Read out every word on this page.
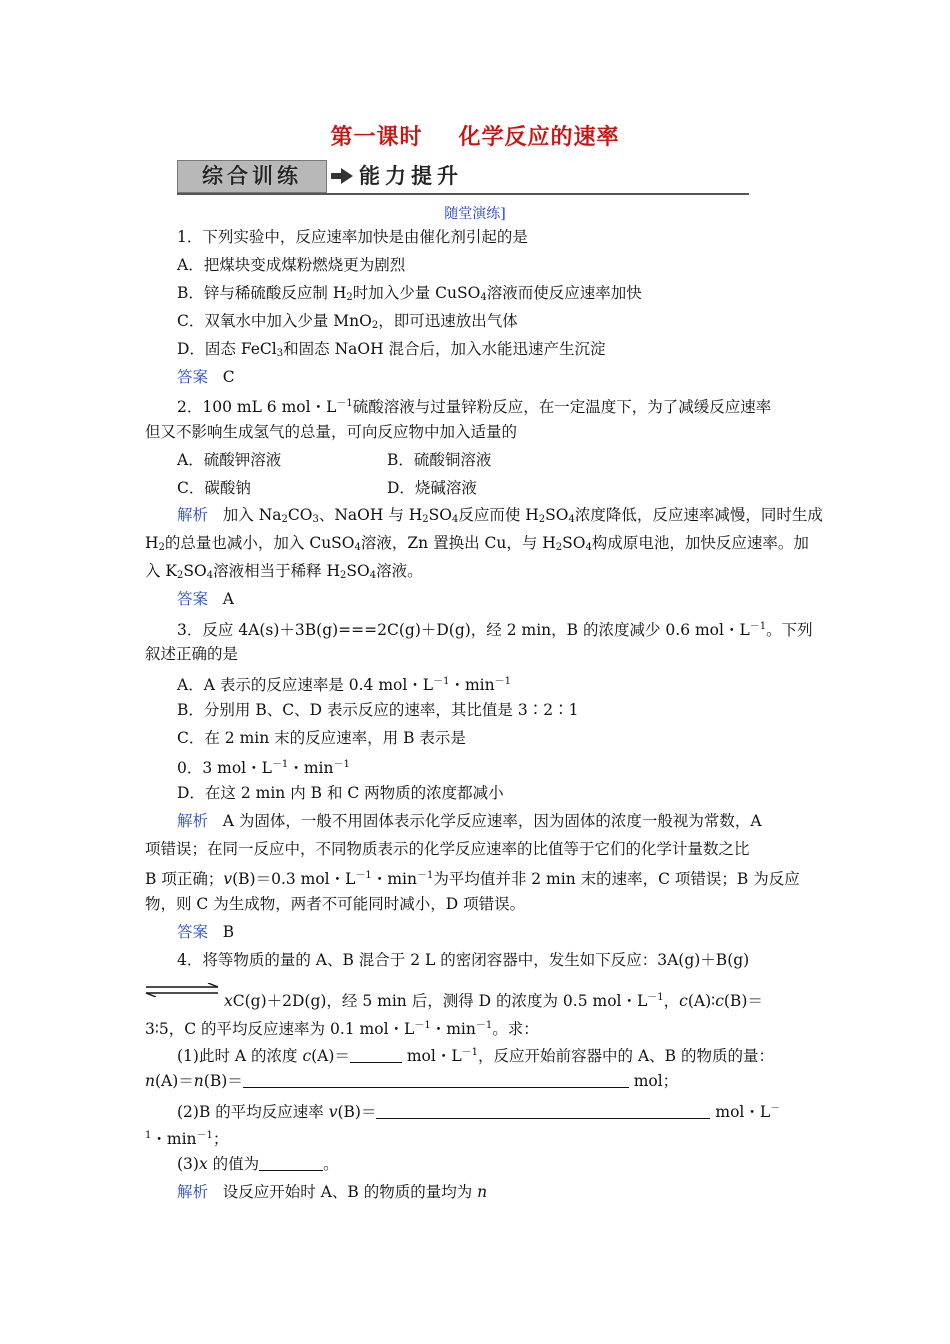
第一课时 化学反应的速率
综合训练	能力提升
随堂演练]
1．下列实验中，反应速率加快是由催化剂引起的是
A．把煤块变成煤粉燃烧更为剧烈
B．锌与稀硫酸反应制 $H_2$时加入少量 CuSO$_4$溶液而使反应速率加快
C．双氧水中加入少量 MnO$_2$，即可迅速放出气体
D．固态 FeCl$_3$和固态 NaOH 混合后，加入水能迅速产生沉淀
答案 C
2．100 mL 6 mol・$L^{-1}$硫酸溶液与过量锌粉反应，在一定温度下，为了减缓反应速率
但又不影响生成氢气的总量，可向反应物中加入适量的
A．硫酸钾溶液	B．硫酸铜溶液
C．碳酸钠	D．烧碱溶液
解析 加入 $Na_2CO_3$、NaOH 与 $H_2SO_4$反应而使 $H_2SO_4$浓度降低，反应速率减慢，同时生成
$H_2$的总量也减小，加入 CuSO$_4$溶液，Zn 置换出 Cu，与 $H_2SO_4$构成原电池，加快反应速率。加
入 $K_2SO_4$溶液相当于稀释 $H_2SO_4$溶液。
答案 A
3．反应 4A(s)＋3B(g)===2C(g)＋D(g)，经 2 min，B 的浓度减少 0.6 mol・$L^{-1}$。下列
叙述正确的是
A．A 表示的反应速率是 0.4 mol・$L^{-1}$・$\min^{-1}$
B．分别用 B、C、D 表示反应的速率，其比值是 3∶2∶1
C．在 2 min 末的反应速率，用 B 表示是
0．3 mol・$L^{-1}$・$\min^{-1}$
D．在这 2 min 内 B 和 C 两物质的浓度都减小
解析 A 为固体，一般不用固体表示化学反应速率，因为固体的浓度一般视为常数，A
项错误；在同一反应中，不同物质表示的化学反应速率的比值等于它们的化学计量数之比
B 项正确；v(B)＝0.3 mol・$L^{-1}$・$\min^{-1}$为平均值并非 2 min 末的速率，C 项错误；B 为反应
物，则 C 为生成物，两者不可能同时减小，D 项错误。
答案 B
4．将等物质的量的 A、B 混合于 2 L 的密闭容器中，发生如下反应：3A(g)＋B(g)
xC(g)＋2D(g)，经 5 min 后，测得 D 的浓度为 0.5 mol・$L^{-1}$，c(A)∶c(B)＝
3∶5，C 的平均反应速率为 0.1 mol・$L^{-1}$・$\min^{-1}$。求：
(1)此时 A 的浓度 c(A)＝	mol・$L^{-1}$，反应开始前容器中的 A、B 的物质的量：
n(A)＝n(B)＝	mol；
(2)B 的平均反应速率 v(B)＝	mol・L－
$^1$・$\min^{-1}$；
(3)x 的值为	。
解析 设反应开始时 A、B 的物质的量均为 n
